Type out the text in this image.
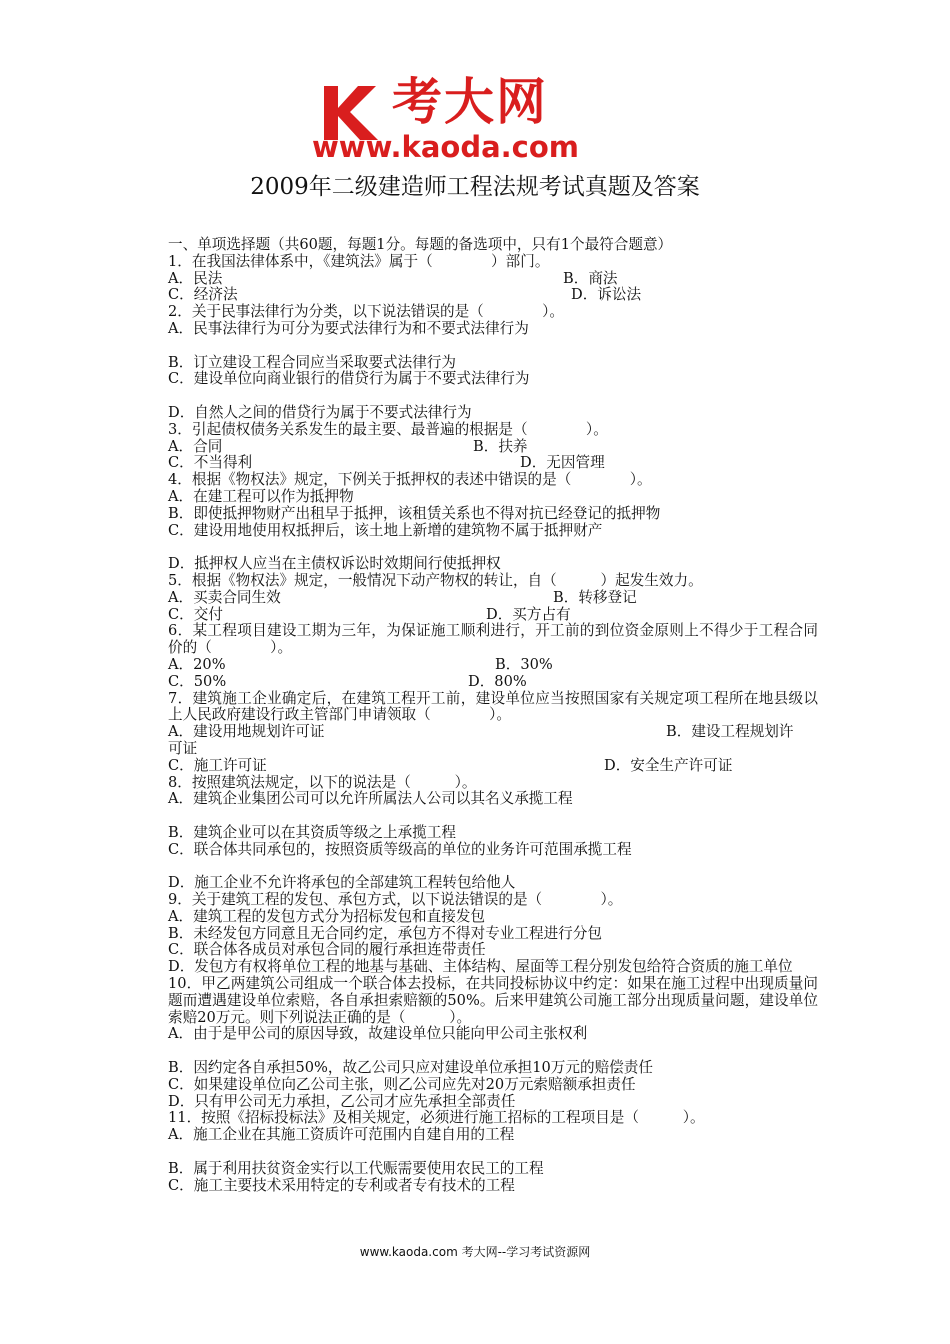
考大网
www.kaoda.com
2009年二级建造师工程法规考试真题及答案
一、单项选择题（共60题，每题1分。每题的备选项中，只有1个最符合题意）
1．在我国法律体系中，《建筑法》属于（　　　　）部门。
A．民法	B．商法
C．经济法	D．诉讼法
2．关于民事法律行为分类，以下说法错误的是（　　　　）。
A．民事法律行为可分为要式法律行为和不要式法律行为
B．订立建设工程合同应当采取要式法律行为
C．建设单位向商业银行的借贷行为属于不要式法律行为
D．自然人之间的借贷行为属于不要式法律行为
3．引起债权债务关系发生的最主要、最普遍的根据是（　　　　）。
A．合同	B．扶养
C．不当得利	D．无因管理
4．根据《物权法》规定，下例关于抵押权的表述中错误的是（　　　　）。
A．在建工程可以作为抵押物
B．即使抵押物财产出租早于抵押，该租赁关系也不得对抗已经登记的抵押物
C．建设用地使用权抵押后，该土地上新增的建筑物不属于抵押财产
D．抵押权人应当在主债权诉讼时效期间行使抵押权
5．根据《物权法》规定，一般情况下动产物权的转让，自（　　　）起发生效力。
A．买卖合同生效	B．转移登记
C．交付	D．买方占有
6．某工程项目建设工期为三年，为保证施工顺利进行，开工前的到位资金原则上不得少于工程合同价的（　　　　）。
A．20%	B．30%
C．50%	D．80%
7．建筑施工企业确定后，在建筑工程开工前，建设单位应当按照国家有关规定项工程所在地县级以上人民政府建设行政主管部门申请领取（　　　　）。
A．建设用地规划许可证	B．建设工程规划许
可证
C．施工许可证	D．安全生产许可证
8．按照建筑法规定，以下的说法是（　　　）。
A．建筑企业集团公司可以允许所属法人公司以其名义承揽工程
B．建筑企业可以在其资质等级之上承揽工程
C．联合体共同承包的，按照资质等级高的单位的业务许可范围承揽工程
D．施工企业不允许将承包的全部建筑工程转包给他人
9．关于建筑工程的发包、承包方式，以下说法错误的是（　　　　）。
A．建筑工程的发包方式分为招标发包和直接发包
B．未经发包方同意且无合同约定，承包方不得对专业工程进行分包
C．联合体各成员对承包合同的履行承担连带责任
D．发包方有权将单位工程的地基与基础、主体结构、屋面等工程分别发包给符合资质的施工单位
10．甲乙两建筑公司组成一个联合体去投标，在共同投标协议中约定：如果在施工过程中出现质量问题而遭遇建设单位索赔，各自承担索赔额的50%。后来甲建筑公司施工部分出现质量问题，建设单位索赔20万元。则下列说法正确的是（　　　）。
A．由于是甲公司的原因导致，故建设单位只能向甲公司主张权利
B．因约定各自承担50%，故乙公司只应对建设单位承担10万元的赔偿责任
C．如果建设单位向乙公司主张，则乙公司应先对20万元索赔额承担责任
D．只有甲公司无力承担，乙公司才应先承担全部责任
11．按照《招标投标法》及相关规定，必须进行施工招标的工程项目是（　　　）。
A．施工企业在其施工资质许可范围内自建自用的工程
B．属于利用扶贫资金实行以工代赈需要使用农民工的工程
C．施工主要技术采用特定的专利或者专有技术的工程
www.kaoda.com 考大网--学习考试资源网
